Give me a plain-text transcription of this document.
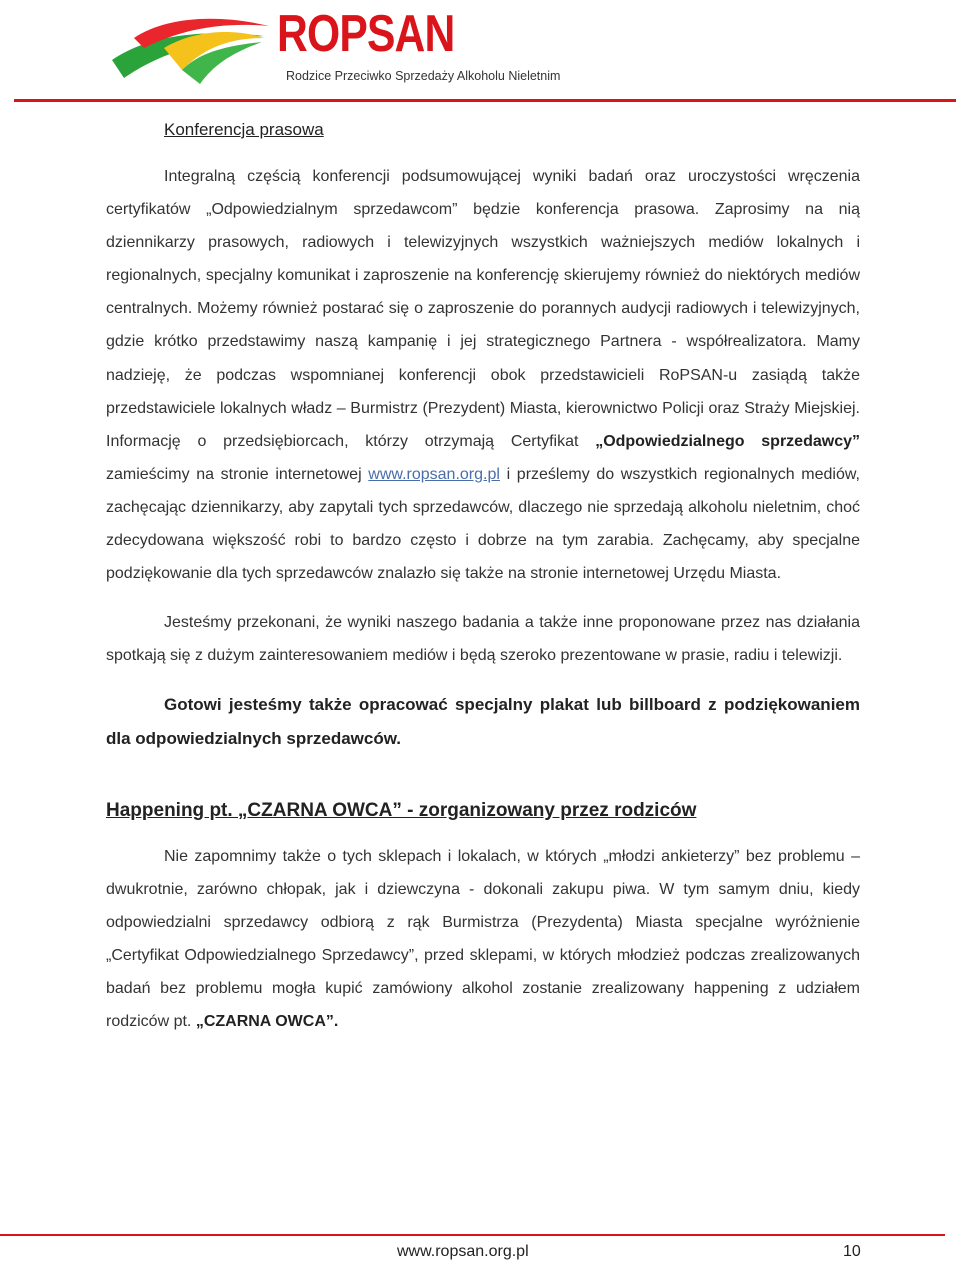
ROPSAN
Rodzice Przeciwko Sprzedaży Alkoholu Nieletnim
Konferencja prasowa

Integralną częścią konferencji podsumowującej wyniki badań oraz uroczystości wręczenia certyfikatów „Odpowiedzialnym sprzedawcom” będzie konferencja prasowa. Zaprosimy na nią dziennikarzy prasowych, radiowych i telewizyjnych wszystkich ważniejszych mediów lokalnych i regionalnych, specjalny komunikat i zaproszenie na konferencję skierujemy również do niektórych mediów centralnych. Możemy również postarać się o zaproszenie do porannych audycji radiowych i telewizyjnych, gdzie krótko przedstawimy naszą kampanię i jej strategicznego Partnera - współrealizatora. Mamy nadzieję, że podczas wspomnianej konferencji obok przedstawicieli RoPSAN-u zasiądą także przedstawiciele lokalnych władz – Burmistrz (Prezydent) Miasta, kierownictwo Policji oraz Straży Miejskiej. Informację o przedsiębiorcach, którzy otrzymają Certyfikat „Odpowiedzialnego sprzedawcy” zamieścimy na stronie internetowej www.ropsan.org.pl i prześlemy do wszystkich regionalnych mediów, zachęcając dziennikarzy, aby zapytali tych sprzedawców, dlaczego nie sprzedają alkoholu nieletnim, choć zdecydowana większość robi to bardzo często i dobrze na tym zarabia. Zachęcamy, aby specjalne podziękowanie dla tych sprzedawców znalazło się także na stronie internetowej Urzędu Miasta.

Jesteśmy przekonani, że wyniki naszego badania a także inne proponowane przez nas działania spotkają się z dużym zainteresowaniem mediów i będą szeroko prezentowane w prasie, radiu i telewizji.

Gotowi jesteśmy także opracować specjalny plakat lub billboard z podziękowaniem dla odpowiedzialnych sprzedawców.

Happening pt. „CZARNA OWCA” - zorganizowany przez rodziców

Nie zapomnimy także o tych sklepach i lokalach, w których „młodzi ankieterzy” bez problemu – dwukrotnie, zarówno chłopak, jak i dziewczyna - dokonali zakupu piwa. W tym samym dniu, kiedy odpowiedzialni sprzedawcy odbiorą z rąk Burmistrza (Prezydenta) Miasta specjalne wyróżnienie „Certyfikat Odpowiedzialnego Sprzedawcy”, przed sklepami, w których młodzież podczas zrealizowanych badań bez problemu mogła kupić zamówiony alkohol zostanie zrealizowany happening z udziałem rodziców pt. „CZARNA OWCA”.

www.ropsan.org.pl	10
